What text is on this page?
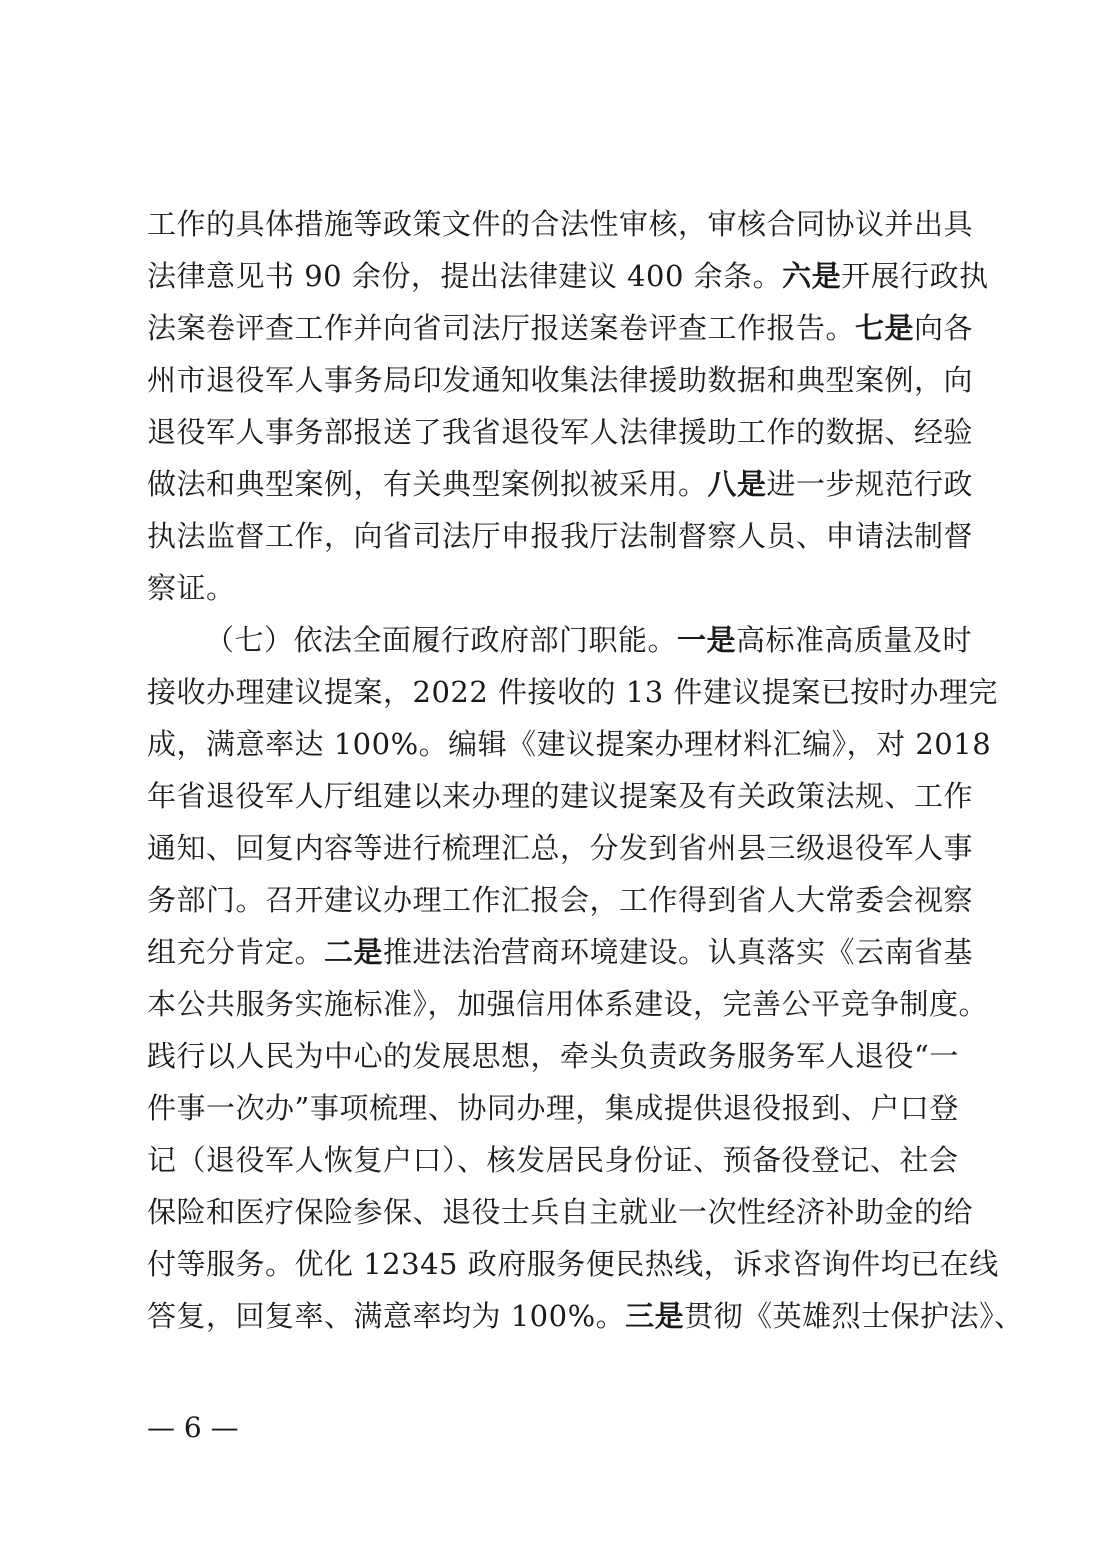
工作的具体措施等政策文件的合法性审核，审核合同协议并出具
法律意见书 90 余份，提出法律建议 400 余条。六是开展行政执
法案卷评查工作并向省司法厅报送案卷评查工作报告。七是向各
州市退役军人事务局印发通知收集法律援助数据和典型案例，向
退役军人事务部报送了我省退役军人法律援助工作的数据、经验
做法和典型案例，有关典型案例拟被采用。八是进一步规范行政
执法监督工作，向省司法厅申报我厅法制督察人员、申请法制督
察证。
（七）依法全面履行政府部门职能。一是高标准高质量及时
接收办理建议提案，2022 件接收的 13 件建议提案已按时办理完
成，满意率达 100%。编辑《建议提案办理材料汇编》，对 2018
年省退役军人厅组建以来办理的建议提案及有关政策法规、工作
通知、回复内容等进行梳理汇总，分发到省州县三级退役军人事
务部门。召开建议办理工作汇报会，工作得到省人大常委会视察
组充分肯定。二是推进法治营商环境建设。认真落实《云南省基
本公共服务实施标准》，加强信用体系建设，完善公平竞争制度。
践行以人民为中心的发展思想，牵头负责政务服务军人退役“一
件事一次办”事项梳理、协同办理，集成提供退役报到、户口登
记（退役军人恢复户口）、核发居民身份证、预备役登记、社会
保险和医疗保险参保、退役士兵自主就业一次性经济补助金的给
付等服务。优化 12345 政府服务便民热线，诉求咨询件均已在线
答复，回复率、满意率均为 100%。三是贯彻《英雄烈士保护法》、
— 6 —
